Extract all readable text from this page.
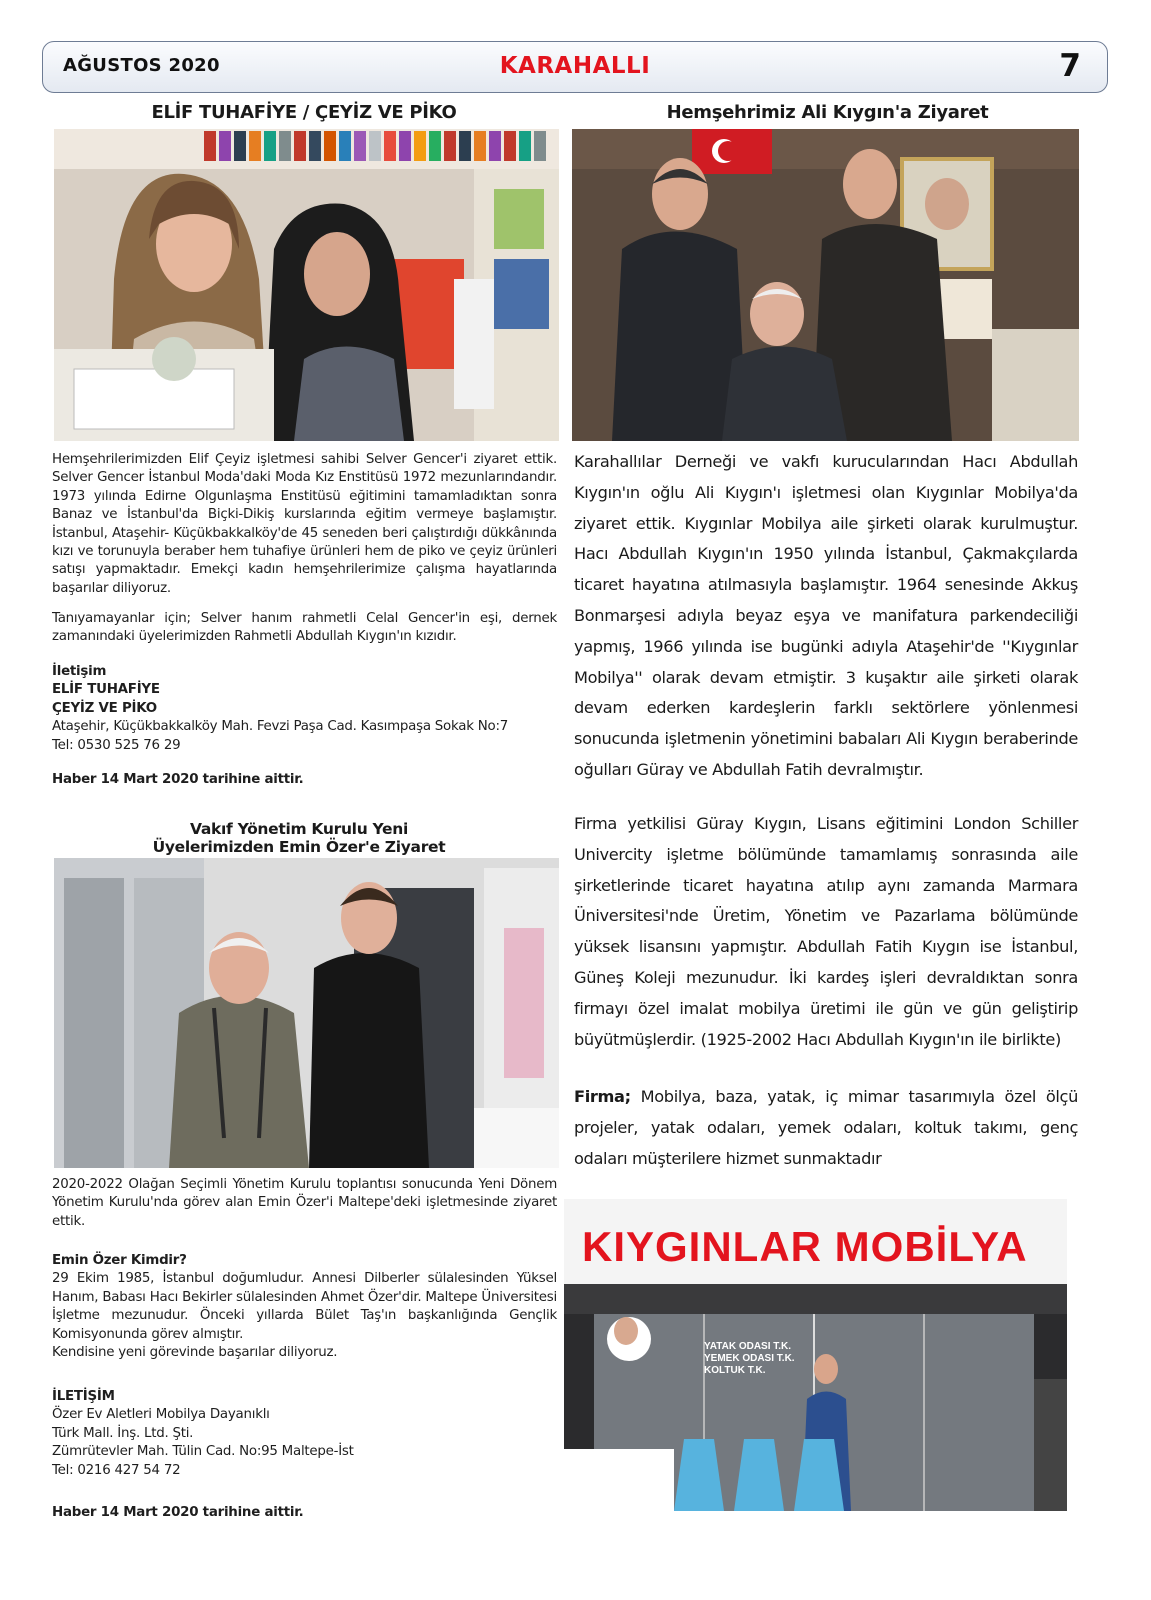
AĞUSTOS 2020	KARAHALLI	7
ELİF TUHAFİYE / ÇEYİZ VE PİKO
Hemşehrilerimizden Elif Çeyiz işletmesi sahibi Selver Gencer'i ziyaret ettik. Selver Gencer İstanbul Moda'daki Moda Kız Enstitüsü 1972 mezunlarındandır. 1973 yılında Edirne Olgunlaşma Enstitüsü eğitimini tamamladıktan sonra Banaz ve İstanbul'da Biçki-Dikiş kurslarında eğitim vermeye başlamıştır. İstanbul, Ataşehir- Küçükbakkalköy'de 45 seneden beri çalıştırdığı dükkânında kızı ve torunuyla beraber hem tuhafiye ürünleri hem de piko ve çeyiz ürünleri satışı yapmaktadır. Emekçi kadın hemşehrilerimize çalışma hayatlarında başarılar diliyoruz.
Tanıyamayanlar için; Selver hanım rahmetli Celal Gencer'in eşi, dernek zamanındaki üyelerimizden Rahmetli Abdullah Kıygın'ın kızıdır.
İletişim
ELİF TUHAFİYE
ÇEYİZ VE PİKO
Ataşehir, Küçükbakkalköy Mah. Fevzi Paşa Cad. Kasımpaşa Sokak No:7
Tel: 0530 525 76 29
Haber 14 Mart 2020 tarihine aittir.
Vakıf Yönetim Kurulu Yeni
Üyelerimizden Emin Özer'e Ziyaret
2020-2022 Olağan Seçimli Yönetim Kurulu toplantısı sonucunda Yeni Dönem Yönetim Kurulu'nda görev alan Emin Özer'i Maltepe'deki işletmesinde ziyaret ettik.
Emin Özer Kimdir?
29 Ekim 1985, İstanbul doğumludur. Annesi Dilberler sülalesinden Yüksel Hanım, Babası Hacı Bekirler sülalesinden Ahmet Özer'dir. Maltepe Üniversitesi İşletme mezunudur. Önceki yıllarda Bület Taş'ın başkanlığında Gençlik Komisyonunda görev almıştır.
Kendisine yeni görevinde başarılar diliyoruz.
İLETİŞİM
Özer Ev Aletleri Mobilya Dayanıklı
Türk Mall. İnş. Ltd. Şti.
Zümrütevler Mah. Tülin Cad. No:95 Maltepe-İst
Tel: 0216 427 54 72
Haber 14 Mart 2020 tarihine aittir.
Hemşehrimiz Ali Kıygın'a Ziyaret
Karahallılar Derneği ve vakfı kurucularından Hacı Abdullah Kıygın'ın oğlu Ali Kıygın'ı işletmesi olan Kıygınlar Mobilya'da ziyaret ettik. Kıygınlar Mobilya aile şirketi olarak kurulmuştur. Hacı Abdullah Kıygın'ın 1950 yılında İstanbul, Çakmakçılarda ticaret hayatına atılmasıyla başlamıştır. 1964 senesinde Akkuş Bonmarşesi adıyla beyaz eşya ve manifatura parkendeciliği yapmış, 1966 yılında ise bugünki adıyla Ataşehir'de ''Kıygınlar Mobilya'' olarak devam etmiştir. 3 kuşaktır aile şirketi olarak devam ederken kardeşlerin farklı sektörlere yönlenmesi sonucunda işletmenin yönetimini babaları Ali Kıygın beraberinde oğulları Güray ve Abdullah Fatih devralmıştır.
Firma yetkilisi Güray Kıygın, Lisans eğitimini London Schiller Univercity işletme bölümünde tamamlamış sonrasında aile şirketlerinde ticaret hayatına atılıp aynı zamanda Marmara Üniversitesi'nde Üretim, Yönetim ve Pazarlama bölümünde yüksek lisansını yapmıştır. Abdullah Fatih Kıygın ise İstanbul, Güneş Koleji mezunudur. İki kardeş işleri devraldıktan sonra firmayı özel imalat mobilya üretimi ile gün ve gün geliştirip büyütmüşlerdir. (1925-2002 Hacı Abdullah Kıygın'ın ile birlikte)
Firma; Mobilya, baza, yatak, iç mimar tasarımıyla özel ölçü projeler, yatak odaları, yemek odaları, koltuk takımı, genç odaları müşterilere hizmet sunmaktadır
KIYGINLAR MOBİLYA
YATAK ODASI T.K.
YEMEK ODASI T.K.
KOLTUK T.K.
